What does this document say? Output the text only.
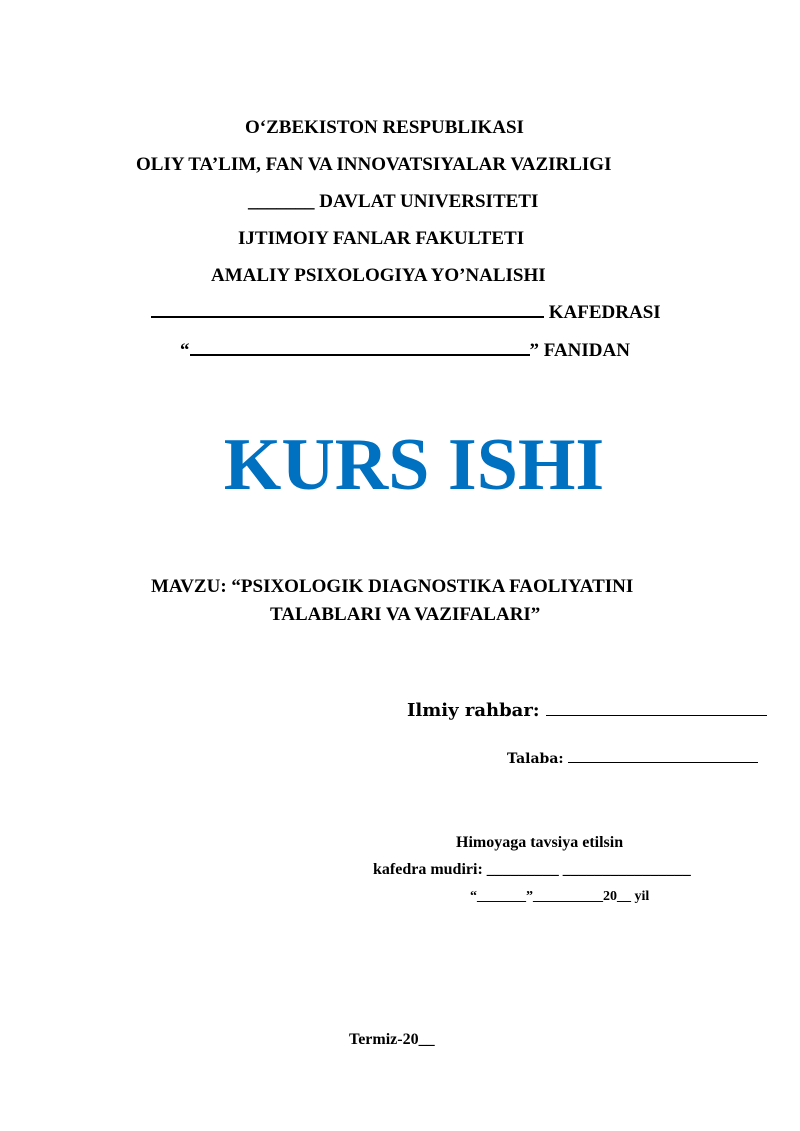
O‘ZBEKISTON RESPUBLIKASI
OLIY TA’LIM, FAN VA INNOVATSIYALAR VAZIRLIGI
_______ DAVLAT UNIVERSITETI
IJTIMOIY FANLAR FAKULTETI
AMALIY PSIXOLOGIYA YO’NALISHI
KAFEDRASI
“	” FANIDAN
KURS ISHI
MAVZU: “PSIXOLOGIK DIAGNOSTIKA FAOLIYATINI
TALABLARI VA VAZIFALARI”
Ilmiy rahbar:
Talaba:
Himoyaga tavsiya etilsin
kafedra mudiri: _________ ________________
“_______”__________20__ yil
Termiz-20__
